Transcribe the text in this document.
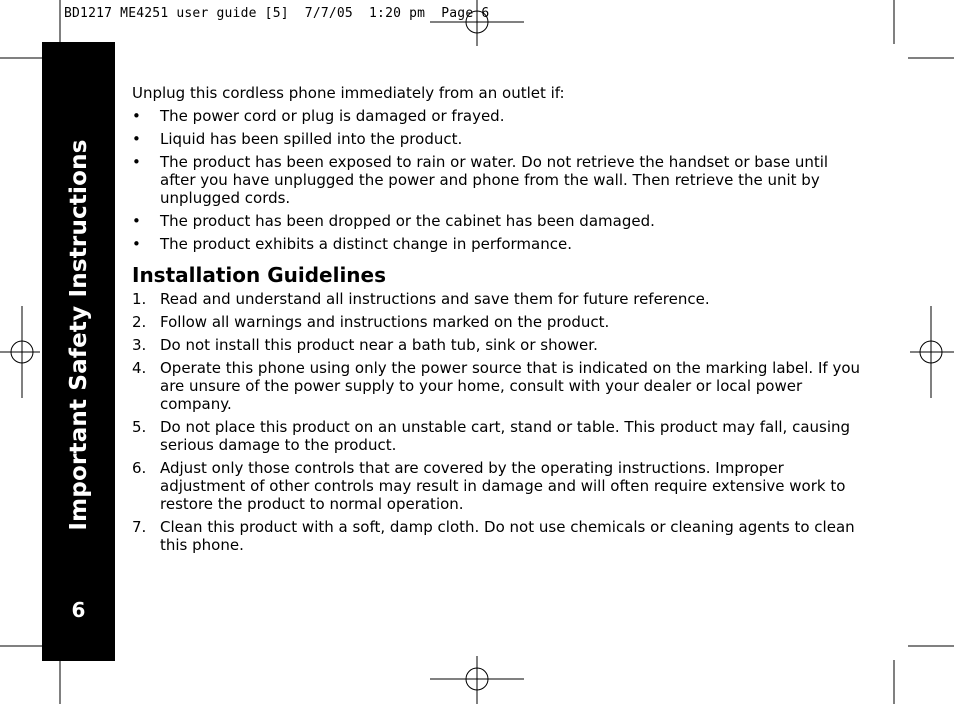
BD1217 ME4251 user guide [5]  7/7/05  1:20 pm  Page 6
Important Safety Instructions
6

Unplug this cordless phone immediately from an outlet if:

• The power cord or plug is damaged or frayed.
• Liquid has been spilled into the product.
• The product has been exposed to rain or water. Do not retrieve the handset or base until after you have unplugged the power and phone from the wall. Then retrieve the unit by unplugged cords.
• The product has been dropped or the cabinet has been damaged.
• The product exhibits a distinct change in performance.
Installation Guidelines
1. Read and understand all instructions and save them for future reference.
2. Follow all warnings and instructions marked on the product.
3. Do not install this product near a bath tub, sink or shower.
4. Operate this phone using only the power source that is indicated on the marking label. If you are unsure of the power supply to your home, consult with your dealer or local power company.
5. Do not place this product on an unstable cart, stand or table. This product may fall, causing serious damage to the product.
6. Adjust only those controls that are covered by the operating instructions. Improper adjustment of other controls may result in damage and will often require extensive work to restore the product to normal operation.
7. Clean this product with a soft, damp cloth. Do not use chemicals or cleaning agents to clean this phone.
